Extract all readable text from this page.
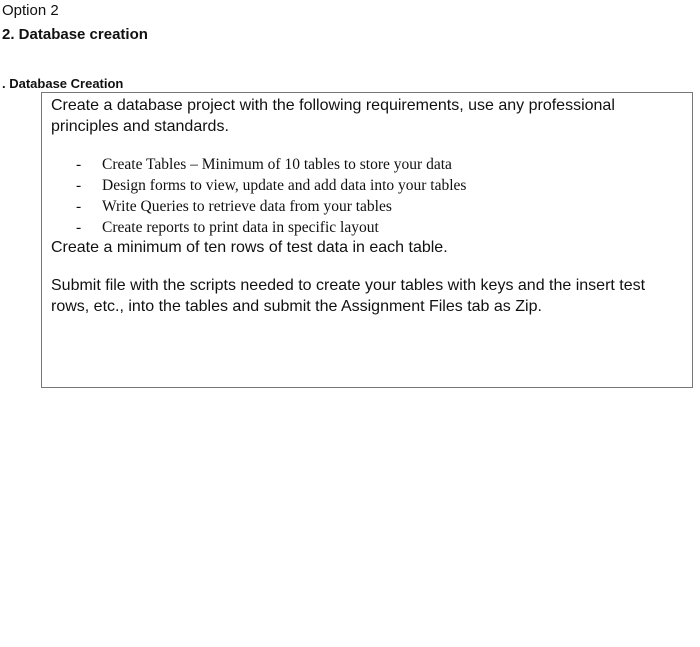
Option 2
2. Database creation
. Database Creation
Create a database project with the following requirements, use any professional principles and standards.
- Create Tables – Minimum of 10 tables to store your data
- Design forms to view, update and add data into your tables
- Write Queries to retrieve data from your tables
- Create reports to print data in specific layout
Create a minimum of ten rows of test data in each table.
Submit file with the scripts needed to create your tables with keys and the insert test rows, etc., into the tables and submit the Assignment Files tab as Zip.
